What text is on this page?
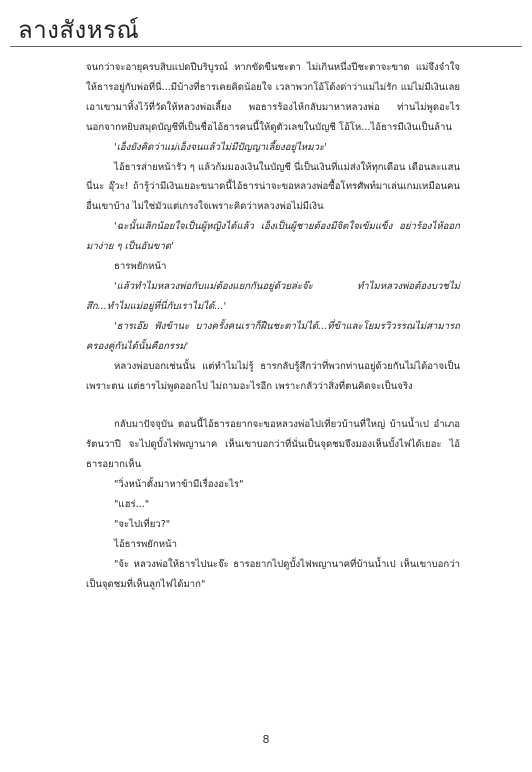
ลางสังหรณ์

จนกว่าจะอายุครบสิบแปดปีบริบูรณ์ หากขัดขืนชะตา ไม่เกินหนึ่งปีชะตาจะขาด แม่จึงจำใจให้ธารอยู่กับพ่อที่นี่...มีบ้างที่ธารเคยคิดน้อยใจ เวลาพวกโอ้โด้งด่าว่าแม่ไม่รัก แม่ไม่มีเงินเลยเอาเขามาทิ้งไว้ที่วัดให้หลวงพ่อเลี้ยง พอธารร้องไห้กลับมาหาหลวงพ่อ ท่านไม่พูดอะไรนอกจากหยิบสมุดบัญชีที่เป็นชื่อไอ้ธารคนนี้ให้ดูตัวเลขในบัญชี โอ้โห...ไอ้ธารมีเงินเป็นล้าน

'เอ็งยังคิดว่าแม่เอ็งจนแล้วไม่มีปัญญาเลี้ยงอยู่ไหมวะ'

ไอ้ธารส่ายหน้ารัว ๆ แล้วก้มมองเงินในบัญชี นี่เป็นเงินที่แม่ส่งให้ทุกเดือน เดือนละแสนนี่นะ อุ๊วะ! ถ้ารู้ว่ามีเงินเยอะขนาดนี้ไอ้ธารน่าจะขอหลวงพ่อซื้อโทรศัพท์มาเล่นเกมเหมือนคนอื่นเขาบ้าง ไม่ใช่มัวแต่เกรงใจเพราะคิดว่าหลวงพ่อไม่มีเงิน

'ฉะนั้นเลิกน้อยใจเป็นผู้หญิงได้แล้ว เอ็งเป็นผู้ชายต้องมีจิตใจเข้มแข็ง อย่าร้องไห้ออกมาง่าย ๆ เป็นอันขาด'

ธารพยักหน้า

'แล้วทำไมหลวงพ่อกับแม่ต้องแยกกันอยู่ด้วยล่ะจ๊ะ ทำไมหลวงพ่อต้องบวชไม่สึก...ทำไมแม่อยู่ที่นี่กับเราไม่ได้...'

'ธารเอ๊ย ฟังข้านะ บางครั้งคนเราก็ฝืนชะตาไม่ได้...ที่ข้าและโยมรวิวรรณไม่สามารถครองคู่กันได้นั้นคือกรรม'

หลวงพ่อบอกเช่นนั้น แต่ทำไมไม่รู้ ธารกลับรู้สึกว่าที่พวกท่านอยู่ด้วยกันไม่ได้อาจเป็นเพราะตน แต่ธารไม่พูดออกไป ไม่ถามอะไรอีก เพราะกลัวว่าสิ่งที่ตนคิดจะเป็นจริง

กลับมาปัจจุบัน ตอนนี้ไอ้ธารอยากจะขอหลวงพ่อไปเที่ยวบ้านที่ใหญ่ บ้านน้ำเป อำเภอรัตนวาปี จะไปดูบั้งไฟพญานาค เห็นเขาบอกว่าที่นั่นเป็นจุดชมจึงมองเห็นบั้งไฟได้เยอะ ไอ้ธารอยากเห็น

"วิ่งหน้าตั้งมาหาข้ามีเรื่องอะไร"

"แฮร่..."

"จะไปเที่ยว?"

ไอ้ธารพยักหน้า

"จ้ะ หลวงพ่อให้ธารไปนะจ๊ะ ธารอยากไปดูบั้งไฟพญานาคที่บ้านน้ำเป เห็นเขาบอกว่าเป็นจุดชมที่เห็นลูกไฟได้มาก"

8
